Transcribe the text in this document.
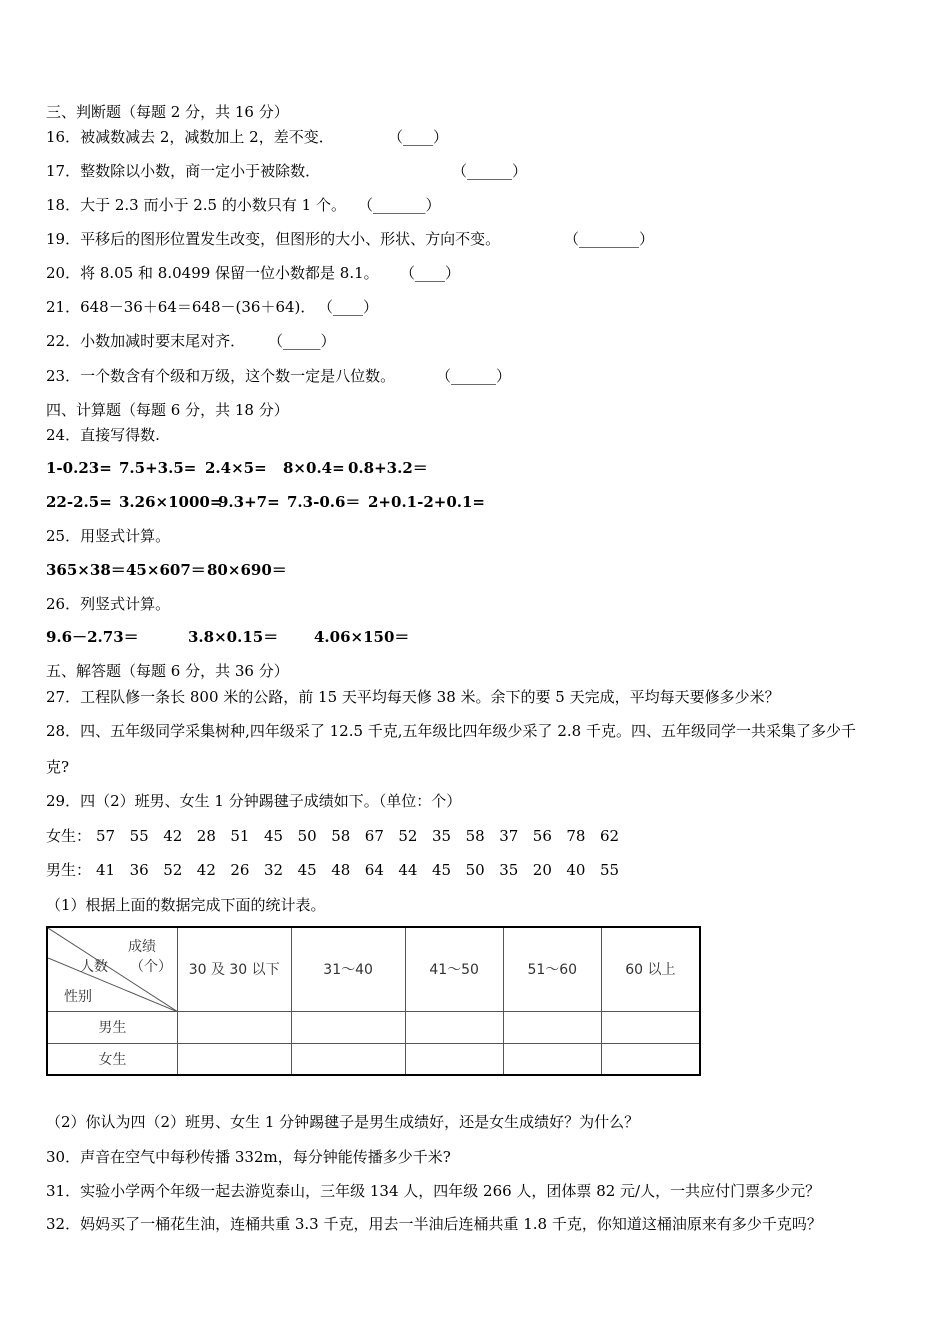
三、判断题（每题 2 分，共 16 分）
16．被减数减去 2，减数加上 2，差不变．	（____）
17．整数除以小数，商一定小于被除数．	（______）
18．大于 2.3 而小于 2.5 的小数只有 1 个。 （_______）
19．平移后的图形位置发生改变，但图形的大小、形状、方向不变。	（________）
20．将 8.05 和 8.0499 保留一位小数都是 8.1。 （____）
21．648－36＋64＝648－(36＋64)． （____）
22．小数加减时要末尾对齐． （_____）
23．一个数含有个级和万级，这个数一定是八位数。	（______）
四、计算题（每题 6 分，共 18 分）
24．直接写得数.
1-0.23= 7.5+3.5= 2.4×5= 8×0.4= 0.8+3.2＝
22-2.5= 3.26×1000=
9.3+7= 7.3-0.6＝ 2+0.1-2+0.1=
25．用竖式计算。
365×38＝ 45×607＝ 80×690＝
26．列竖式计算。
9.6－2.73＝	3.8×0.15＝ 4.06×150＝
五、解答题（每题 6 分，共 36 分）
27．工程队修一条长 800 米的公路，前 15 天平均每天修 38 米。余下的要 5 天完成，平均每天要修多少米？
28．四、五年级同学采集树种,四年级采了 12.5 千克,五年级比四年级少采了 2.8 千克。四、五年级同学一共采集了多少千
克?
29．四（2）班男、女生 1 分钟踢毽子成绩如下。（单位：个）
女生： 57 55 42 28 51 45 50 58 67 52 35 58 37 56 78 62
男生： 41 36 52 42 26 32 45 48 64 44 45 50 35 20 40 55
（1）根据上面的数据完成下面的统计表。
成绩
（个）
人数
性别	30 及 30 以下	31～40	41～50	51～60	60 以上
男生					
女生					
（2）你认为四（2）班男、女生 1 分钟踢毽子是男生成绩好，还是女生成绩好？为什么？
30．声音在空气中每秒传播 332m，每分钟能传播多少千米?
31．实验小学两个年级一起去游览泰山，三年级 134 人，四年级 266 人，团体票 82 元/人，一共应付门票多少元？
32．妈妈买了一桶花生油，连桶共重 3.3 千克，用去一半油后连桶共重 1.8 千克，你知道这桶油原来有多少千克吗？
